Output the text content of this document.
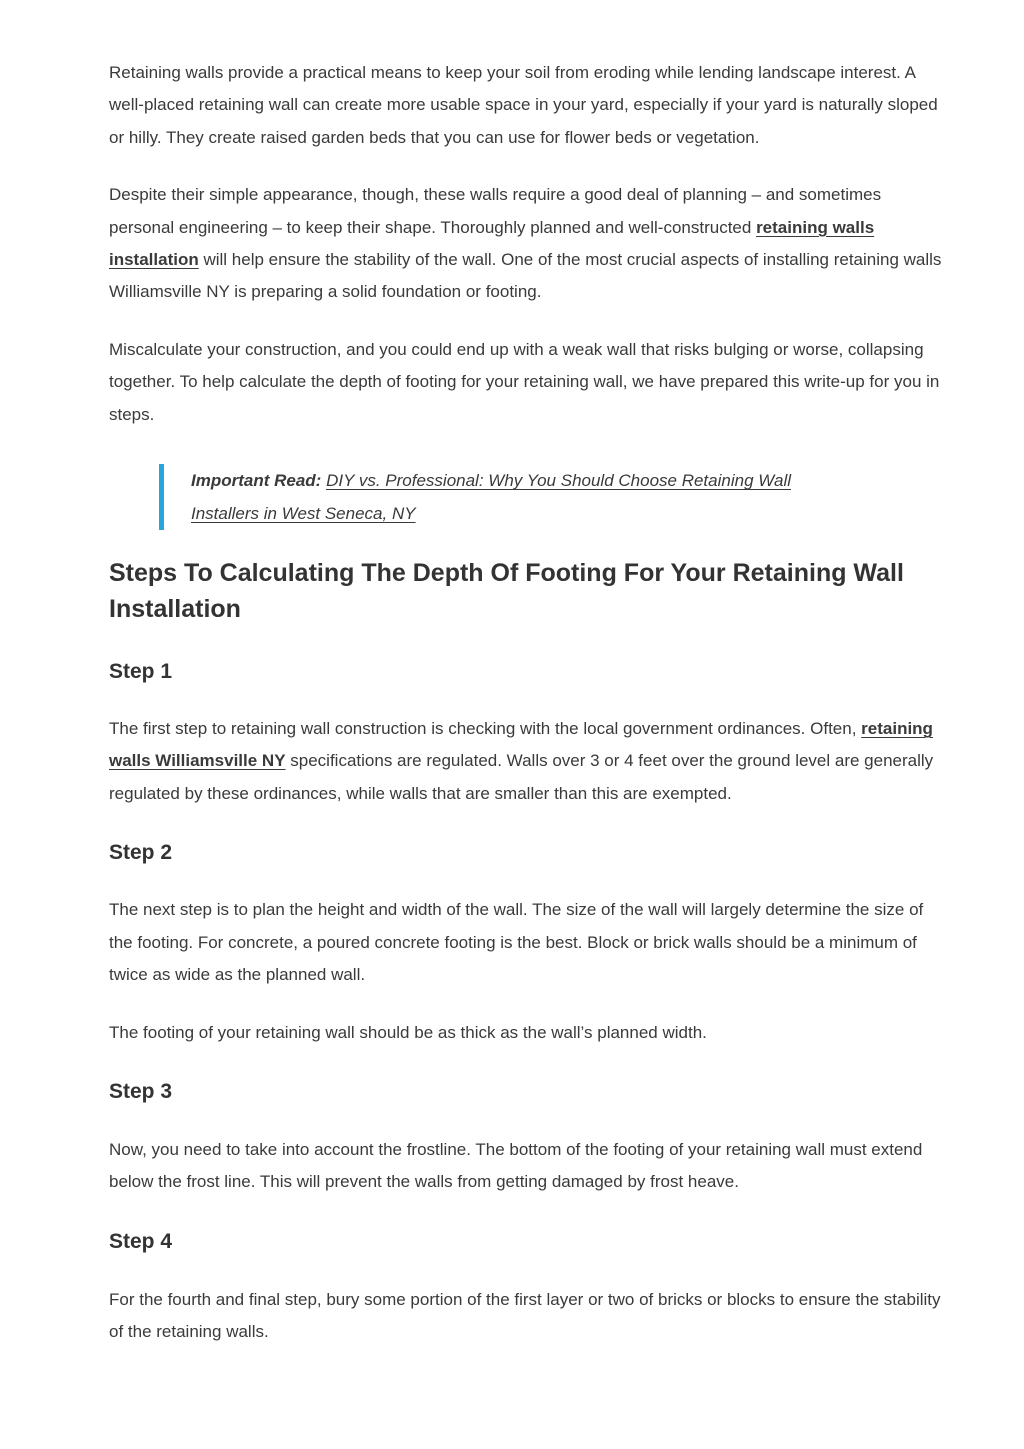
Retaining walls provide a practical means to keep your soil from eroding while lending landscape interest. A well-placed retaining wall can create more usable space in your yard, especially if your yard is naturally sloped or hilly. They create raised garden beds that you can use for flower beds or vegetation.

Despite their simple appearance, though, these walls require a good deal of planning – and sometimes personal engineering – to keep their shape. Thoroughly planned and well-constructed retaining walls installation will help ensure the stability of the wall. One of the most crucial aspects of installing retaining walls Williamsville NY is preparing a solid foundation or footing.

Miscalculate your construction, and you could end up with a weak wall that risks bulging or worse, collapsing together. To help calculate the depth of footing for your retaining wall, we have prepared this write-up for you in steps.

Important Read: DIY vs. Professional: Why You Should Choose Retaining Wall Installers in West Seneca, NY

Steps To Calculating The Depth Of Footing For Your Retaining Wall Installation
Step 1

The first step to retaining wall construction is checking with the local government ordinances. Often, retaining walls Williamsville NY specifications are regulated. Walls over 3 or 4 feet over the ground level are generally regulated by these ordinances, while walls that are smaller than this are exempted.

Step 2

The next step is to plan the height and width of the wall. The size of the wall will largely determine the size of the footing. For concrete, a poured concrete footing is the best. Block or brick walls should be a minimum of twice as wide as the planned wall.

The footing of your retaining wall should be as thick as the wall’s planned width.

Step 3

Now, you need to take into account the frostline. The bottom of the footing of your retaining wall must extend below the frost line. This will prevent the walls from getting damaged by frost heave.

Step 4

For the fourth and final step, bury some portion of the first layer or two of bricks or blocks to ensure the stability of the retaining walls.
